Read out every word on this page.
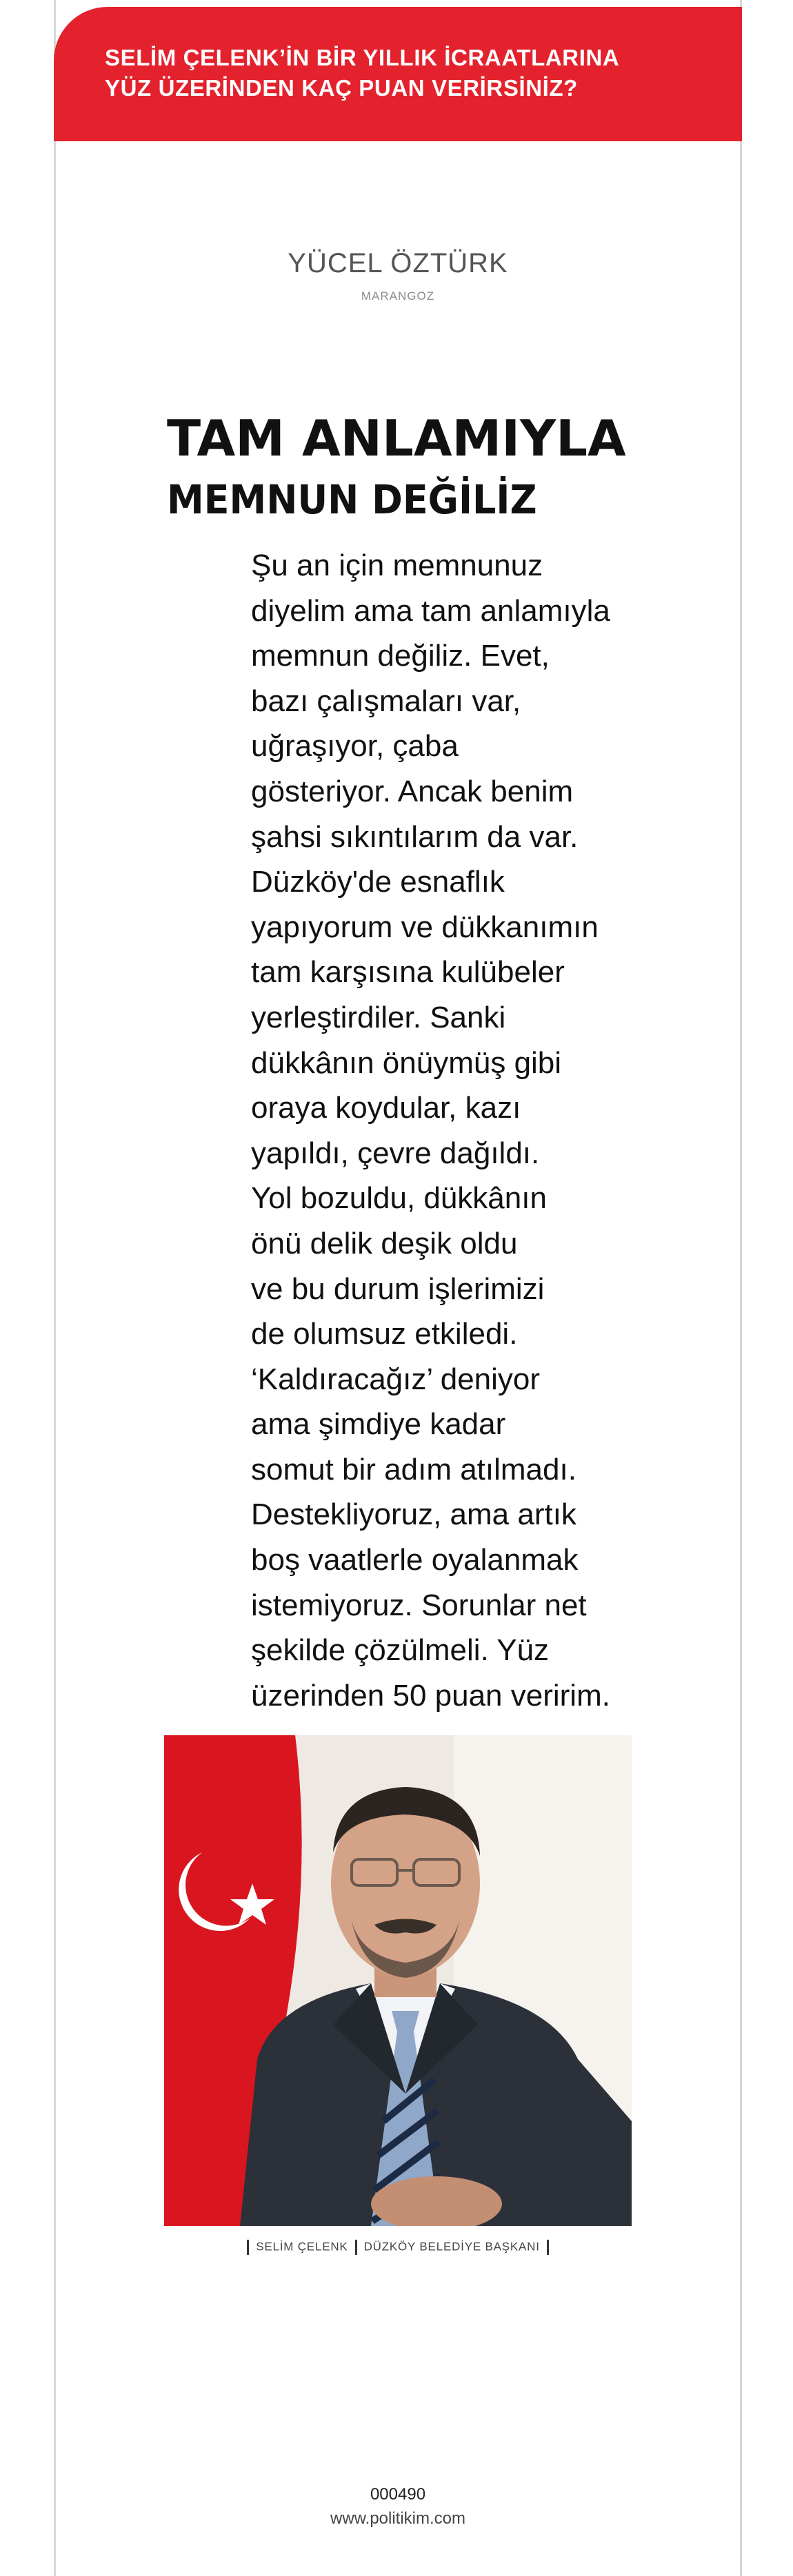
SELİM ÇELENK’İN BİR YILLIK İCRAATLARINA
YÜZ ÜZERİNDEN KAÇ PUAN VERİRSİNİZ?
YÜCEL ÖZTÜRK
MARANGOZ
TAM ANLAMIYLA
MEMNUN DEĞİLİZ
Şu an için memnunuz
diyelim ama tam anlamıyla
memnun değiliz. Evet,
bazı çalışmaları var,
uğraşıyor, çaba
gösteriyor. Ancak benim
şahsi sıkıntılarım da var.
Düzköy'de esnaflık
yapıyorum ve dükkanımın
tam karşısına kulübeler
yerleştirdiler. Sanki
dükkânın önüymüş gibi
oraya koydular, kazı
yapıldı, çevre dağıldı.
Yol bozuldu, dükkânın
önü delik deşik oldu
ve bu durum işlerimizi
de olumsuz etkiledi.
‘Kaldıracağız’ deniyor
ama şimdiye kadar
somut bir adım atılmadı.
Destekliyoruz, ama artık
boş vaatlerle oyalanmak
istemiyoruz. Sorunlar net
şekilde çözülmeli. Yüz
üzerinden 50 puan veririm.
SELİM ÇELENK DÜZKÖY BELEDİYE BAŞKANI
000490
www.politikim.com
